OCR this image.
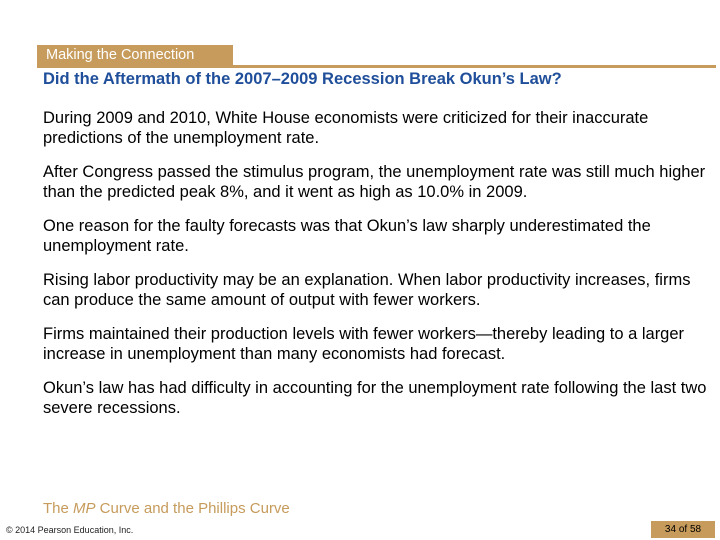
Making the Connection
Did the Aftermath of the 2007–2009 Recession Break Okun’s Law?

During 2009 and 2010, White House economists were criticized for their inaccurate predictions of the unemployment rate.

After Congress passed the stimulus program, the unemployment rate was still much higher than the predicted peak 8%, and it went as high as 10.0% in 2009.

One reason for the faulty forecasts was that Okun’s law sharply underestimated the unemployment rate.

Rising labor productivity may be an explanation. When labor productivity increases, firms can produce the same amount of output with fewer workers.

Firms maintained their production levels with fewer workers—thereby leading to a larger increase in unemployment than many economists had forecast.

Okun’s law has had difficulty in accounting for the unemployment rate following the last two severe recessions.

The MP Curve and the Phillips Curve
© 2014 Pearson Education, Inc.	34 of 58
